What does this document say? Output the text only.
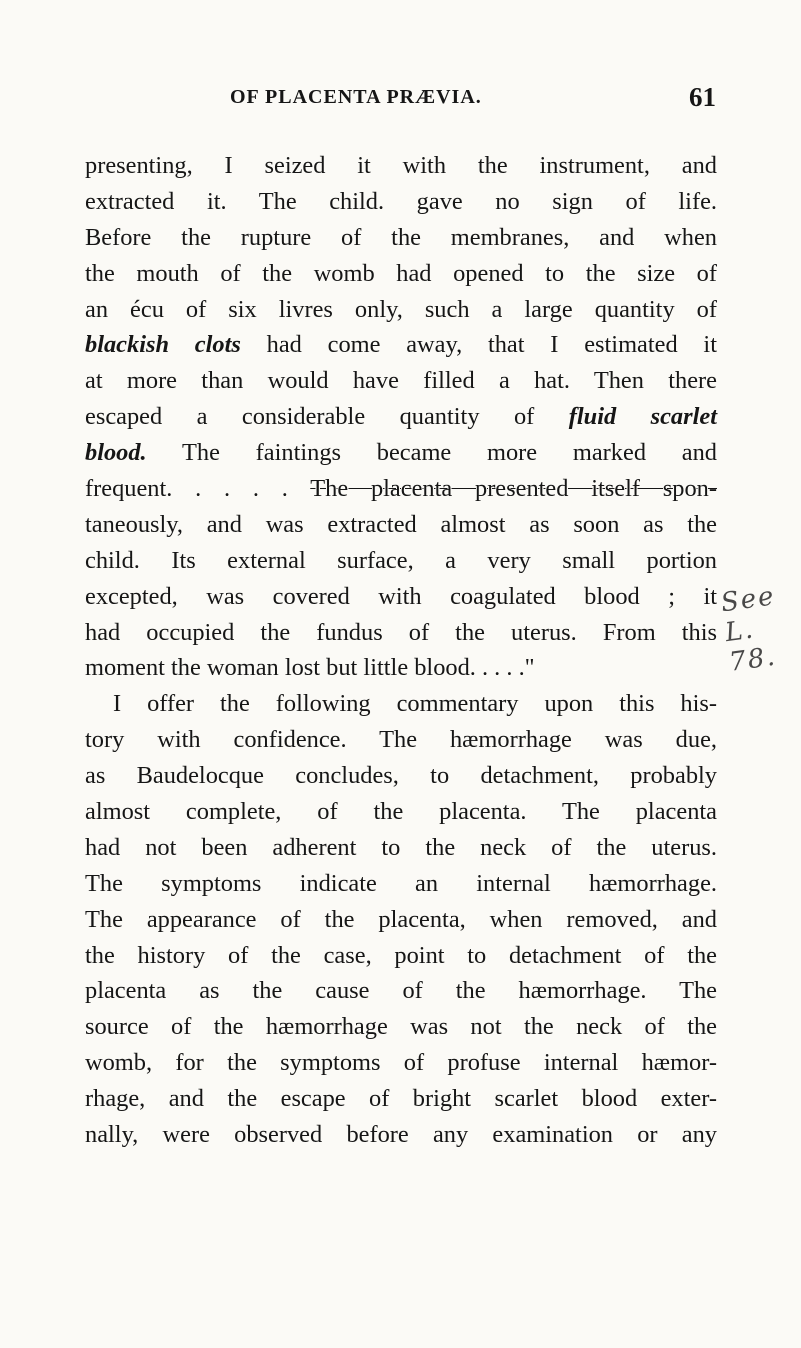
OF PLACENTA PRÆVIA.	61
presenting, I seized it with the instrument, and
extracted it. The child. gave no sign of life.
Before the rupture of the membranes, and when
the mouth of the womb had opened to the size of
an écu of six livres only, such a large quantity of
blackish clots had come away, that I estimated it
at more than would have filled a hat. Then there
escaped a considerable quantity of fluid scarlet
blood. The faintings became more marked and
frequent. . . . . The placenta presented itself spon-
taneously, and was extracted almost as soon as the
child. Its external surface, a very small portion
excepted, was covered with coagulated blood ; it
had occupied the fundus of the uterus. From this
moment the woman lost but little blood. . . . ."
I offer the following commentary upon this his-
tory with confidence. The hæmorrhage was due,
as Baudelocque concludes, to detachment, probably
almost complete, of the placenta. The placenta
had not been adherent to the neck of the uterus.
The symptoms indicate an internal hæmorrhage.
The appearance of the placenta, when removed, and
the history of the case, point to detachment of the
placenta as the cause of the hæmorrhage. The
source of the hæmorrhage was not the neck of the
womb, for the symptoms of profuse internal hæmor-
rhage, and the escape of bright scarlet blood exter-
nally, were observed before any examination or any
See L. 78.
